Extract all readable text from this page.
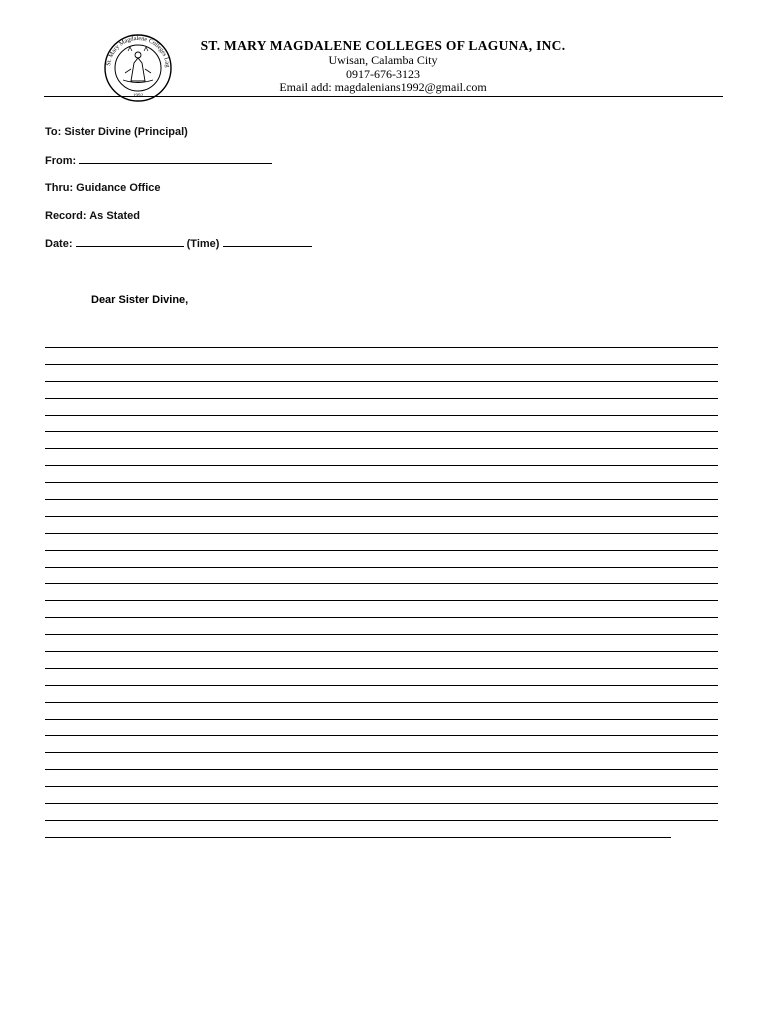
St. Mary Magdalene Colleges Lag
1992
ST. MARY MAGDALENE COLLEGES OF LAGUNA, INC.
Uwisan, Calamba City
0917-676-3123
Email add: magdalenians1992@gmail.com
To: Sister Divine (Principal)
From:
Thru: Guidance Office
Record: As Stated
Date:	(Time)
Dear Sister Divine,
